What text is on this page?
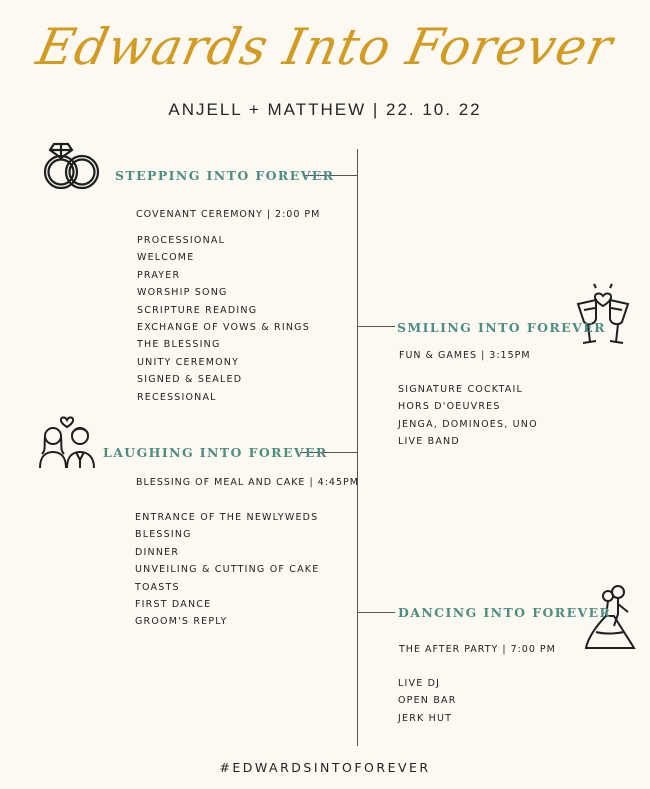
Edwards Into Forever
ANJELL + MATTHEW | 22. 10. 22
STEPPING INTO FOREVER
COVENANT CEREMONY | 2:00 PM
PROCESSIONAL
WELCOME
PRAYER
WORSHIP SONG
SCRIPTURE READING
EXCHANGE OF VOWS & RINGS
THE BLESSING
UNITY CEREMONY
SIGNED & SEALED
RECESSIONAL
SMILING INTO FOREVER
FUN & GAMES | 3:15PM
SIGNATURE COCKTAIL
HORS D'OEUVRES
JENGA, DOMINOES, UNO
LIVE BAND
LAUGHING INTO FOREVER
BLESSING OF MEAL AND CAKE | 4:45PM
ENTRANCE OF THE NEWLYWEDS
BLESSING
DINNER
UNVEILING & CUTTING OF CAKE
TOASTS
FIRST DANCE
GROOM'S REPLY
DANCING INTO FOREVER
THE AFTER PARTY | 7:00 PM
LIVE DJ
OPEN BAR
JERK HUT
#EDWARDSINTOFOREVER
